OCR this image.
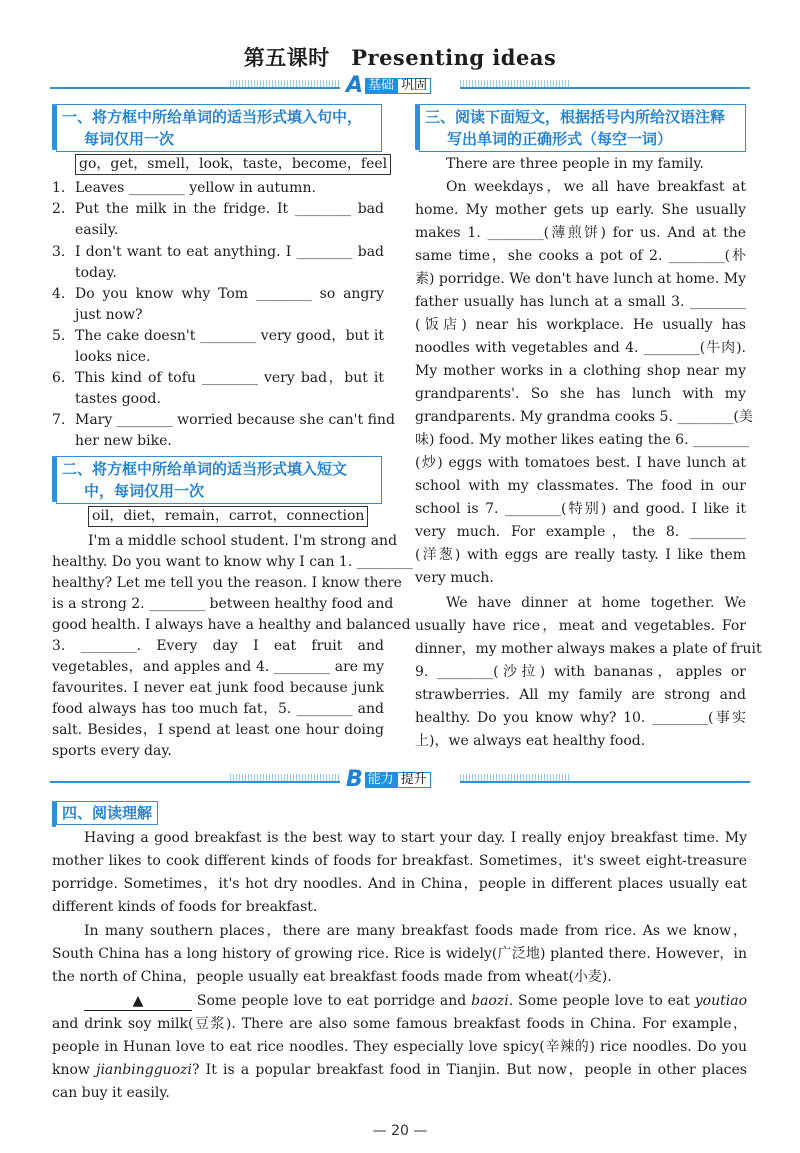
第五课时　Presenting ideas
A 基础 巩固
一、将方框中所给单词的适当形式填入句中，
每词仅用一次
go，get，smell，look，taste，become，feel
1. Leaves ________ yellow in autumn.
2. Put the milk in the fridge. It ________ bad
easily.
3. I don't want to eat anything. I ________ bad
today.
4. Do you know why Tom ________ so angry
just now?
5. The cake doesn't ________ very good，but it
looks nice.
6. This kind of tofu ________ very bad，but it
tastes good.
7. Mary ________ worried because she can't find
her new bike.
二、将方框中所给单词的适当形式填入短文
中，每词仅用一次
oil，diet，remain，carrot，connection
I'm a middle school student. I'm strong and
healthy. Do you want to know why I can 1. ________
healthy? Let me tell you the reason. I know there
is a strong 2. ________ between healthy food and
good health. I always have a healthy and balanced
3. ________. Every day I eat fruit and
vegetables，and apples and 4. ________ are my
favourites. I never eat junk food because junk
food always has too much fat，5. ________ and
salt. Besides，I spend at least one hour doing
sports every day.
三、阅读下面短文，根据括号内所给汉语注释
写出单词的正确形式（每空一词）
There are three people in my family.
On weekdays，we all have breakfast at
home. My mother gets up early. She usually
makes 1. ________(薄煎饼) for us. And at the
same time，she cooks a pot of 2. ________(朴
素) porridge. We don't have lunch at home. My
father usually has lunch at a small 3. ________
(饭店) near his workplace. He usually has
noodles with vegetables and 4. ________(牛肉).
My mother works in a clothing shop near my
grandparents'. So she has lunch with my
grandparents. My grandma cooks 5. ________(美
味) food. My mother likes eating the 6. ________
(炒) eggs with tomatoes best. I have lunch at
school with my classmates. The food in our
school is 7. ________(特别) and good. I like it
very much. For example，the 8. ________
(洋葱) with eggs are really tasty. I like them
very much.
We have dinner at home together. We
usually have rice，meat and vegetables. For
dinner，my mother always makes a plate of fruit
9. ________(沙拉) with bananas，apples or
strawberries. All my family are strong and
healthy. Do you know why? 10. ________(事实
上)，we always eat healthy food.
B 能力 提升
四、阅读理解
Having a good breakfast is the best way to start your day. I really enjoy breakfast time. My mother likes to cook different kinds of foods for breakfast. Sometimes，it's sweet eight-treasure porridge. Sometimes，it's hot dry noodles. And in China，people in different places usually eat different kinds of foods for breakfast.
In many southern places，there are many breakfast foods made from rice. As we know，South China has a long history of growing rice. Rice is widely(广泛地) planted there. However，in the north of China，people usually eat breakfast foods made from wheat(小麦).
▲	Some people love to eat porridge and baozi. Some people love to eat youtiao and drink soy milk(豆浆). There are also some famous breakfast foods in China. For example，people in Hunan love to eat rice noodles. They especially love spicy(辛辣的) rice noodles. Do you know jianbingguozi? It is a popular breakfast food in Tianjin. But now，people in other places can buy it easily.
— 20 —
